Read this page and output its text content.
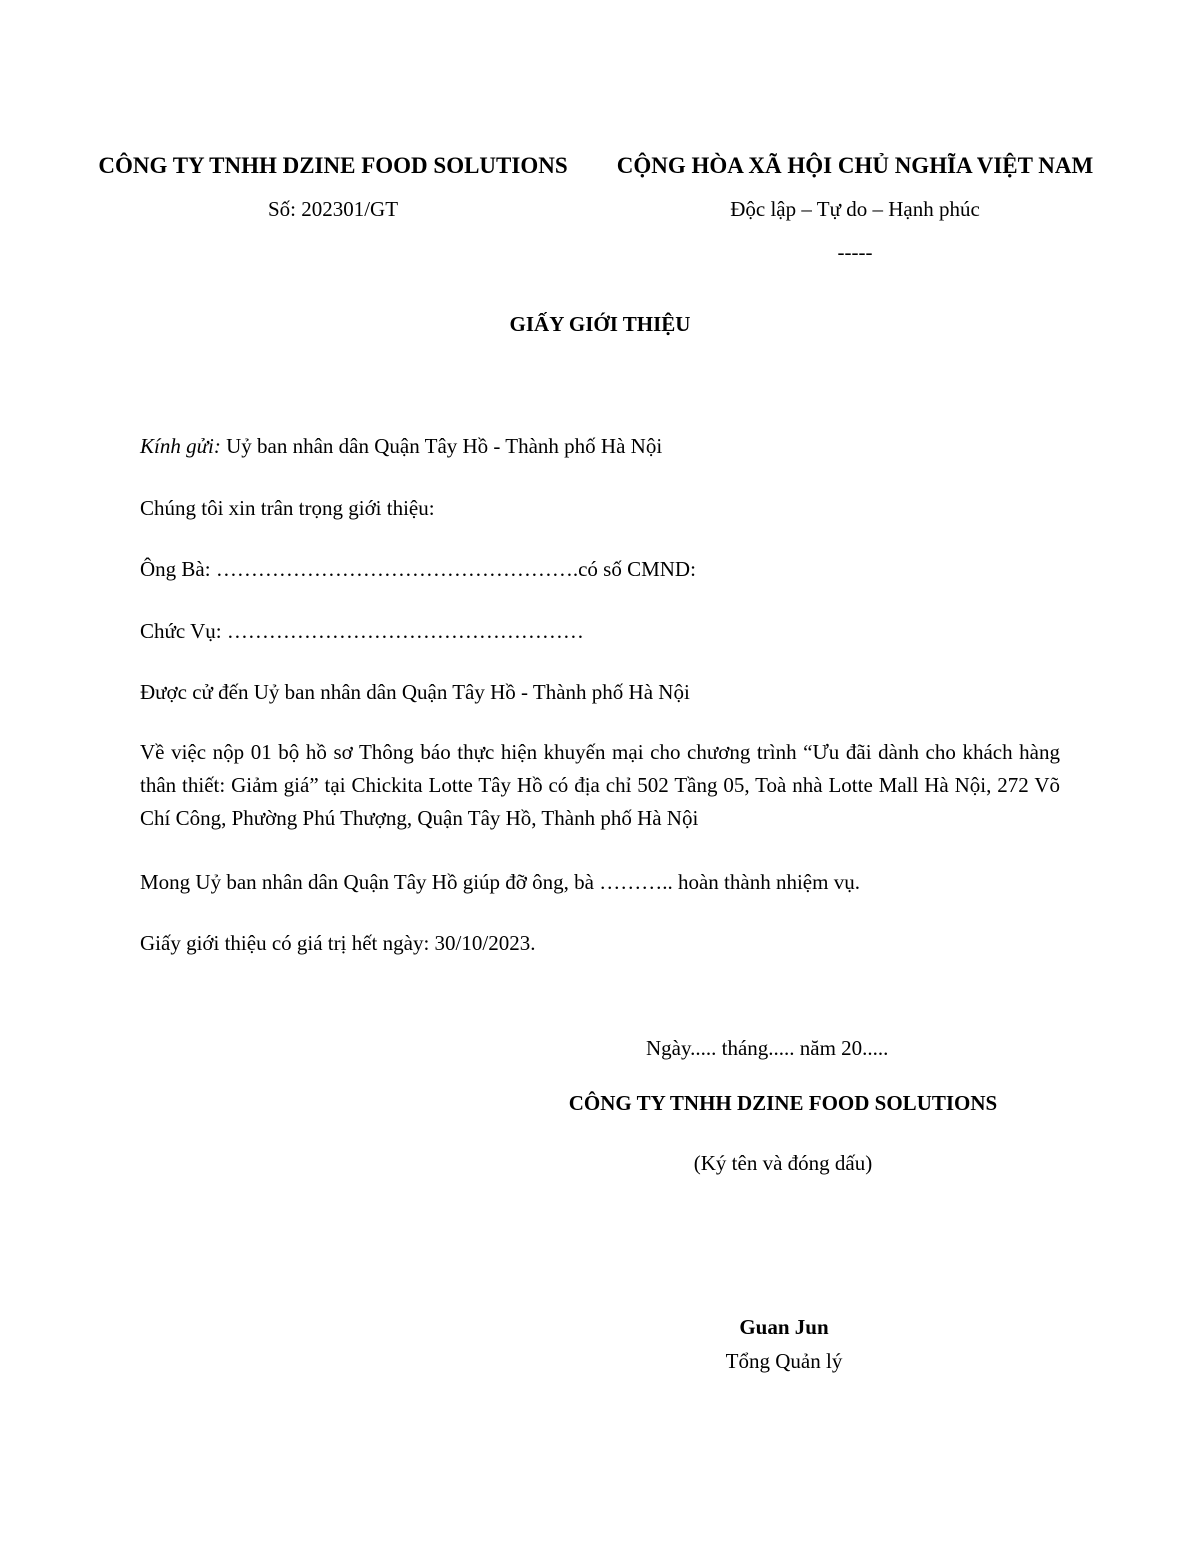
CÔNG TY TNHH DZINE FOOD SOLUTIONS
Số: 202301/GT
CỘNG HÒA XÃ HỘI CHỦ NGHĨA VIỆT NAM
Độc lập – Tự do – Hạnh phúc
-----
GIẤY GIỚI THIỆU
Kính gửi: Uỷ ban nhân dân Quận Tây Hồ - Thành phố Hà Nội
Chúng tôi xin trân trọng giới thiệu:
Ông Bà: …………………………………………….có số CMND:
Chức Vụ: ……………………………………………
Được cử đến Uỷ ban nhân dân Quận Tây Hồ - Thành phố Hà Nội
Về việc nộp 01 bộ hồ sơ Thông báo thực hiện khuyến mại cho chương trình “Ưu đãi dành cho khách hàng thân thiết: Giảm giá” tại Chickita Lotte Tây Hồ có địa chỉ 502 Tầng 05, Toà nhà Lotte Mall Hà Nội, 272 Võ Chí Công, Phường Phú Thượng, Quận Tây Hồ, Thành phố Hà Nội
Mong Uỷ ban nhân dân Quận Tây Hồ giúp đỡ ông, bà ……….. hoàn thành nhiệm vụ.
Giấy giới thiệu có giá trị hết ngày: 30/10/2023.
Ngày..... tháng..... năm 20.....
CÔNG TY TNHH DZINE FOOD SOLUTIONS
(Ký tên và đóng dấu)
Guan Jun
Tổng Quản lý
